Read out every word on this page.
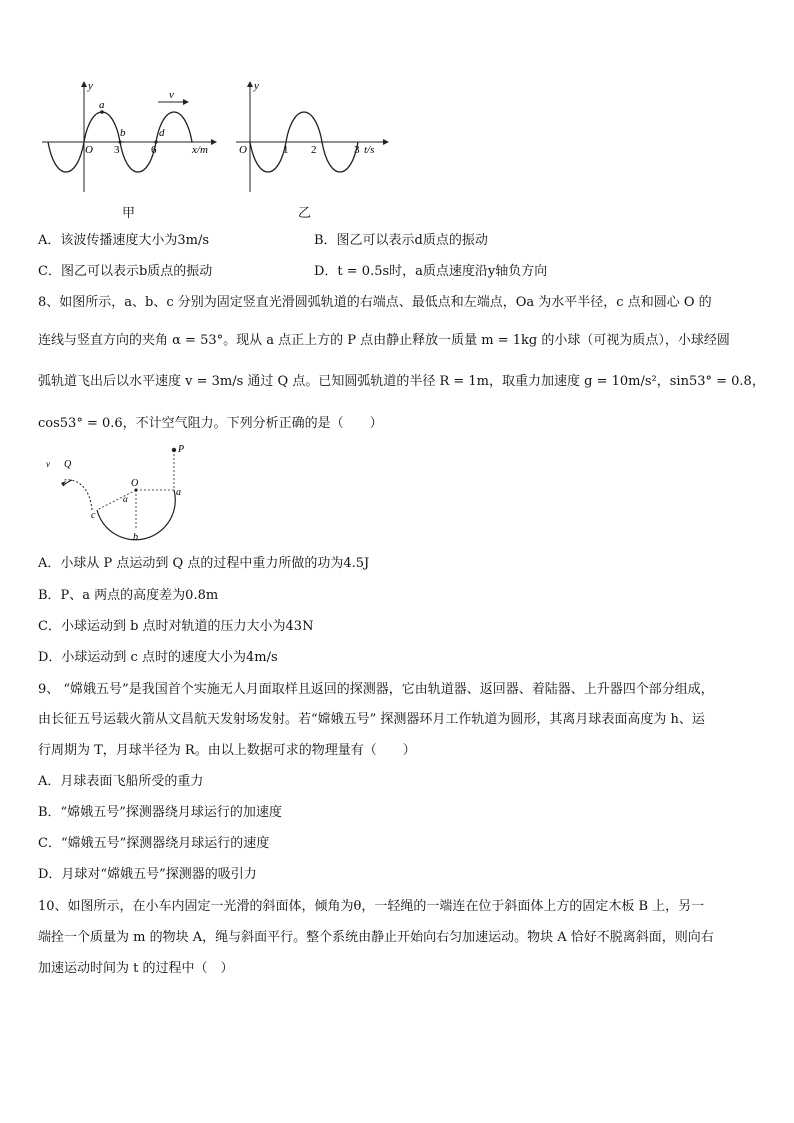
y
a
v
b	d
O 3	6	x/m
甲
y
O	1 2	3 t/s
乙
A．该波传播速度大小为3m/s	B．图乙可以表示d质点的振动
C．图乙可以表示b质点的振动	D．t = 0.5s时，a质点速度沿y轴负方向
8、如图所示，a、b、c 分别为固定竖直光滑圆弧轨道的右端点、最低点和左端点，Oa 为水平半径，c 点和圆心 O 的
连线与竖直方向的夹角 α = 53°。现从 a 点正上方的 P 点由静止释放一质量 m = 1kg 的小球（可视为质点），小球经圆
弧轨道飞出后以水平速度 v = 3m/s 通过 Q 点。已知圆弧轨道的半径 R = 1m，取重力加速度 g = 10m/s²，sin53° = 0.8，
cos53° = 0.6，不计空气阻力。下列分析正确的是（　　）
v Q
P
O
a
α
c
b
A．小球从 P 点运动到 Q 点的过程中重力所做的功为4.5J
B．P、a 两点的高度差为0.8m
C．小球运动到 b 点时对轨道的压力大小为43N
D．小球运动到 c 点时的速度大小为4m/s
9、 “嫦娥五号”是我国首个实施无人月面取样且返回的探测器，它由轨道器、返回器、着陆器、上升器四个部分组成，
由长征五号运载火箭从文昌航天发射场发射。若“嫦娥五号” 探测器环月工作轨道为圆形，其离月球表面高度为 h、运
行周期为 T，月球半径为 R。由以上数据可求的物理量有（　　）
A．月球表面飞船所受的重力
B．“嫦娥五号”探测器绕月球运行的加速度
C．“嫦娥五号”探测器绕月球运行的速度
D．月球对“嫦娥五号”探测器的吸引力
10、如图所示，在小车内固定一光滑的斜面体，倾角为θ，一轻绳的一端连在位于斜面体上方的固定木板 B 上，另一
端拴一个质量为 m 的物块 A，绳与斜面平行。整个系统由静止开始向右匀加速运动。物块 A 恰好不脱离斜面，则向右
加速运动时间为 t 的过程中（　）
